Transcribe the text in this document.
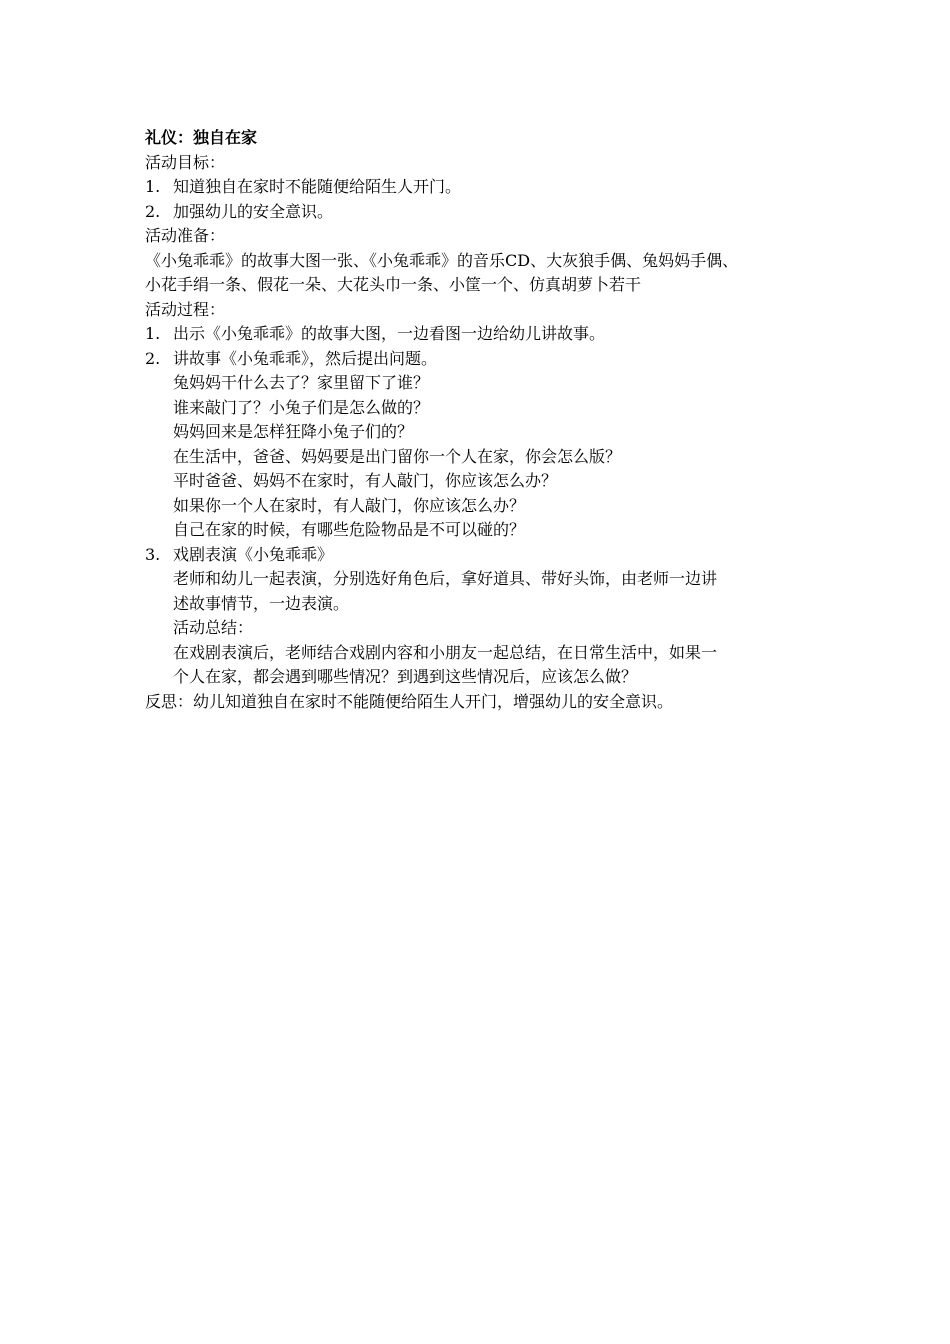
礼仪：独自在家
活动目标：
1. 知道独自在家时不能随便给陌生人开门。
2. 加强幼儿的安全意识。
活动准备：
《小兔乖乖》的故事大图一张、《小兔乖乖》的音乐CD、大灰狼手偶、兔妈妈手偶、
小花手绢一条、假花一朵、大花头巾一条、小筐一个、仿真胡萝卜若干
活动过程：
1. 出示《小兔乖乖》的故事大图，一边看图一边给幼儿讲故事。
2. 讲故事《小兔乖乖》，然后提出问题。
兔妈妈干什么去了？家里留下了谁？
谁来敲门了？小兔子们是怎么做的？
妈妈回来是怎样狂降小兔子们的？
在生活中，爸爸、妈妈要是出门留你一个人在家，你会怎么版？
平时爸爸、妈妈不在家时，有人敲门，你应该怎么办？
如果你一个人在家时，有人敲门，你应该怎么办？
自己在家的时候，有哪些危险物品是不可以碰的？
3. 戏剧表演《小兔乖乖》
老师和幼儿一起表演，分别选好角色后，拿好道具、带好头饰，由老师一边讲
述故事情节，一边表演。
活动总结：
在戏剧表演后，老师结合戏剧内容和小朋友一起总结，在日常生活中，如果一
个人在家，都会遇到哪些情况？到遇到这些情况后，应该怎么做？
反思：幼儿知道独自在家时不能随便给陌生人开门，增强幼儿的安全意识。
